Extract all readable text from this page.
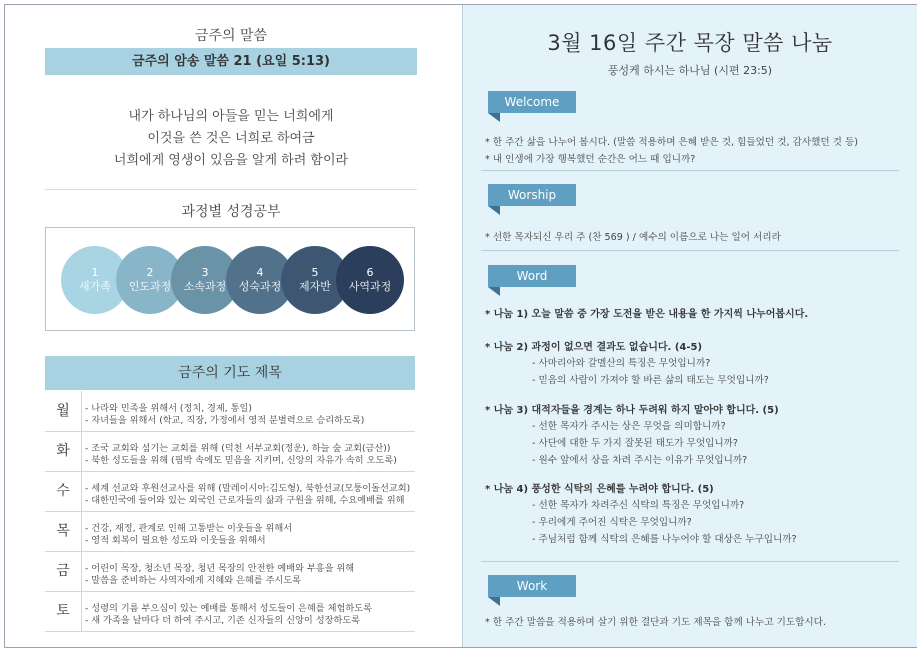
금주의 말씀
금주의 암송 말씀 21 (요일 5:13)
내가 하나님의 아들을 믿는 너희에게
이것을 쓴 것은 너희로 하여금
너희에게 영생이 있음을 알게 하려 함이라
과정별 성경공부
1
새가족
2
인도과정
3
소속과정
4
성숙과정
5
제자반
6
사역과정
금주의 기도 제목
월	- 나라와 민족을 위해서 (정치, 경제, 통일)
- 자녀들을 위해서 (학교, 직장, 가정에서 영적 분별력으로 승리하도록)
화	- 조국 교회와 섬기는 교회를 위해 (덕천 서부교회(정운), 하늘 숲 교회(금산))
- 북한 성도들을 위해 (핍박 속에도 믿음을 지키며, 신앙의 자유가 속히 오도록)
수	- 세계 선교와 후원선교사를 위해 (말레이시아:김도형), 북한선교(모퉁이돌선교회)
- 대한민국에 들어와 있는 외국인 근로자들의 삶과 구원을 위해, 수요예배를 위해
목	- 건강, 재정, 관계로 인해 고통받는 이웃들을 위해서
- 영적 회복이 필요한 성도와 이웃들을 위해서
금	- 어린이 목장, 청소년 목장, 청년 목장의 안전한 예배와 부흥을 위해
- 말씀을 준비하는 사역자에게 지혜와 은혜를 주시도록
토	- 성령의 기름 부으심이 있는 예배를 통해서 성도들이 은혜를 체험하도록
- 새 가족을 날마다 더 하여 주시고, 기존 신자들의 신앙이 성장하도록
3월 16일 주간 목장 말씀 나눔
풍성케 하시는 하나님 (시편 23:5)
Welcome
* 한 주간 삶을 나누어 봅시다. (말씀 적용하며 은혜 받은 것, 힘들었던 것, 감사했던 것 등)
* 내 인생에 가장 행복했던 순간은 어느 때 입니까?
Worship
* 선한 목자되신 우리 주 (찬 569 ) / 예수의 이름으로 나는 일어 서리라
Word
* 나눔 1) 오늘 말씀 중 가장 도전을 받은 내용을 한 가지씩 나누어봅시다.
* 나눔 2) 과정이 없으면 결과도 없습니다. (4-5)
- 사마리아와 갈멜산의 특징은 무엇입니까?
- 믿음의 사람이 가져야 할 바른 삶의 태도는 무엇입니까?
* 나눔 3) 대적자들을 경계는 하나 두려워 하지 말아야 합니다. (5)
- 선한 목자가 주시는 상은 무엇을 의미합니까?
- 사단에 대한 두 가지 잘못된 태도가 무엇입니까?
- 원수 앞에서 상을 차려 주시는 이유가 무엇입니까?
* 나눔 4) 풍성한 식탁의 은혜를 누려야 합니다. (5)
- 선한 목자가 차려주신 식탁의 특징은 무엇입니까?
- 우리에게 주어진 식탁은 무엇입니까?
- 주님처럼 함께 식탁의 은혜를 나누어야 할 대상은 누구입니까?
Work
* 한 주간 말씀을 적용하며 살기 위한 결단과 기도 제목을 함께 나누고 기도합시다.
